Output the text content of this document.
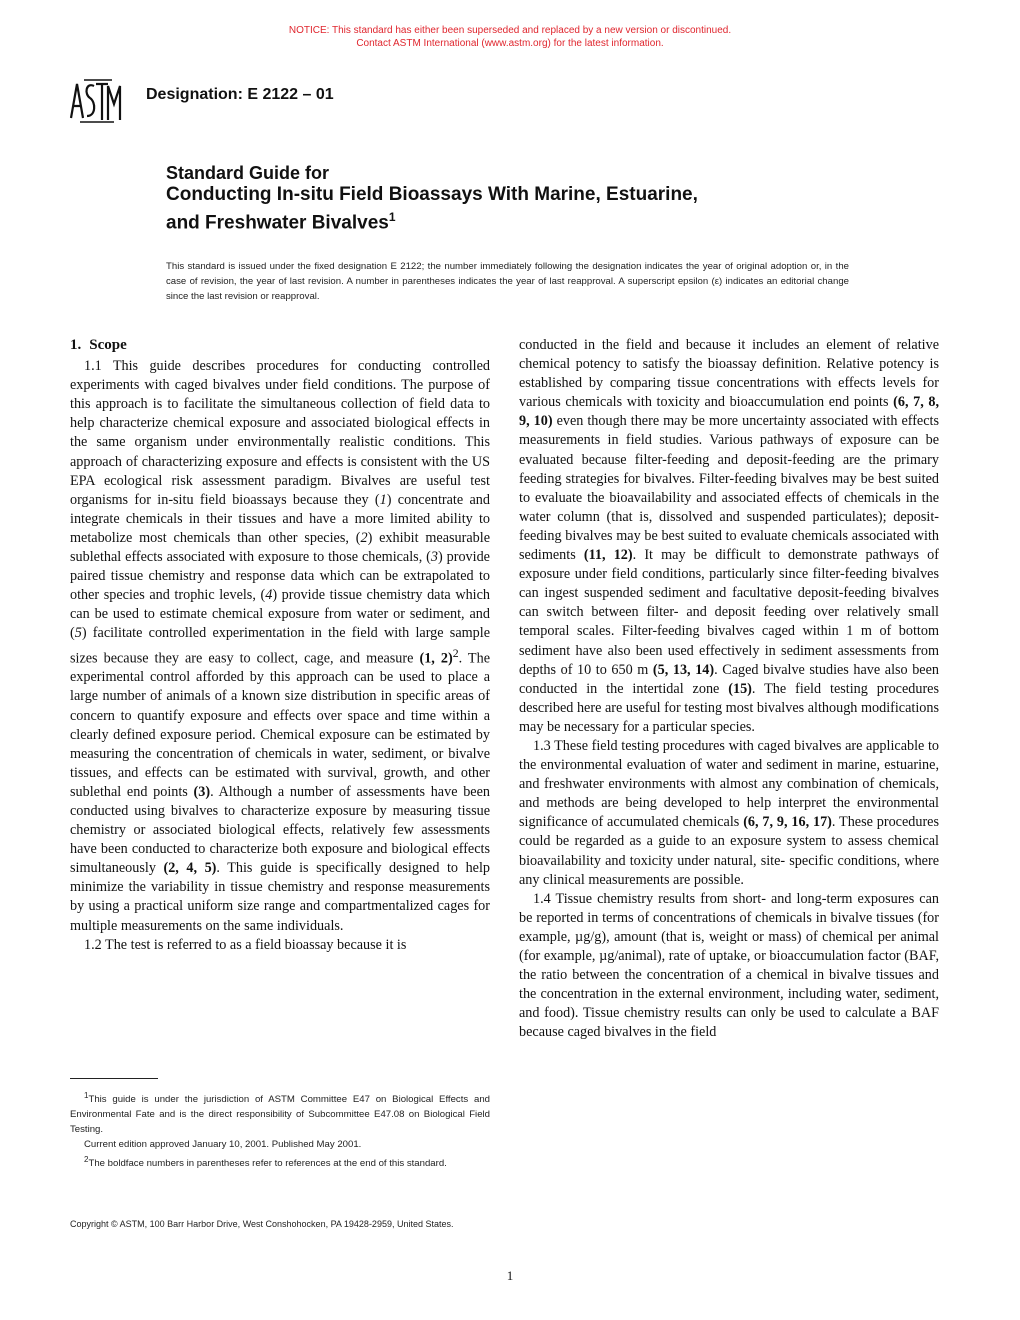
NOTICE: This standard has either been superseded and replaced by a new version or discontinued.
Contact ASTM International (www.astm.org) for the latest information.
Designation: E 2122 – 01
Standard Guide for
Conducting In-situ Field Bioassays With Marine, Estuarine,
and Freshwater Bivalves$^1$
This standard is issued under the fixed designation E 2122; the number immediately following the designation indicates the year of original adoption or, in the case of revision, the year of last revision. A number in parentheses indicates the year of last reapproval. A superscript epsilon (ε) indicates an editorial change since the last revision or reapproval.
1. Scope

1.1 This guide describes procedures for conducting controlled experiments with caged bivalves under field conditions. The purpose of this approach is to facilitate the simultaneous collection of field data to help characterize chemical exposure and associated biological effects in the same organism under environmentally realistic conditions. This approach of characterizing exposure and effects is consistent with the US EPA ecological risk assessment paradigm. Bivalves are useful test organisms for in-situ field bioassays because they (1) concentrate and integrate chemicals in their tissues and have a more limited ability to metabolize most chemicals than other species, (2) exhibit measurable sublethal effects associated with exposure to those chemicals, (3) provide paired tissue chemistry and response data which can be extrapolated to other species and trophic levels, (4) provide tissue chemistry data which can be used to estimate chemical exposure from water or sediment, and (5) facilitate controlled experimentation in the field with large sample sizes because they are easy to collect, cage, and measure (1, 2)$^2$. The experimental control afforded by this approach can be used to place a large number of animals of a known size distribution in specific areas of concern to quantify exposure and effects over space and time within a clearly defined exposure period. Chemical exposure can be estimated by measuring the concentration of chemicals in water, sediment, or bivalve tissues, and effects can be estimated with survival, growth, and other sublethal end points (3). Although a number of assessments have been conducted using bivalves to characterize exposure by measuring tissue chemistry or associated biological effects, relatively few assessments have been conducted to characterize both exposure and biological effects simultaneously (2, 4, 5). This guide is specifically designed to help minimize the variability in tissue chemistry and response measurements by using a practical uniform size range and compartmentalized cages for multiple measurements on the same individuals.

1.2 The test is referred to as a field bioassay because it is

$^1$This guide is under the jurisdiction of ASTM Committee E47 on Biological Effects and Environmental Fate and is the direct responsibility of Subcommittee E47.08 on Biological Field Testing.

Current edition approved January 10, 2001. Published May 2001.

$^2$The boldface numbers in parentheses refer to references at the end of this standard.

conducted in the field and because it includes an element of relative chemical potency to satisfy the bioassay definition. Relative potency is established by comparing tissue concentrations with effects levels for various chemicals with toxicity and bioaccumulation end points (6, 7, 8, 9, 10) even though there may be more uncertainty associated with effects measurements in field studies. Various pathways of exposure can be evaluated because filter-feeding and deposit-feeding are the primary feeding strategies for bivalves. Filter-feeding bivalves may be best suited to evaluate the bioavailability and associated effects of chemicals in the water column (that is, dissolved and suspended particulates); deposit-feeding bivalves may be best suited to evaluate chemicals associated with sediments (11, 12). It may be difficult to demonstrate pathways of exposure under field conditions, particularly since filter-feeding bivalves can ingest suspended sediment and facultative deposit-feeding bivalves can switch between filter- and deposit feeding over relatively small temporal scales. Filter-feeding bivalves caged within 1 m of bottom sediment have also been used effectively in sediment assessments from depths of 10 to 650 m (5, 13, 14). Caged bivalve studies have also been conducted in the intertidal zone (15). The field testing procedures described here are useful for testing most bivalves although modifications may be necessary for a particular species.

1.3 These field testing procedures with caged bivalves are applicable to the environmental evaluation of water and sediment in marine, estuarine, and freshwater environments with almost any combination of chemicals, and methods are being developed to help interpret the environmental significance of accumulated chemicals (6, 7, 9, 16, 17). These procedures could be regarded as a guide to an exposure system to assess chemical bioavailability and toxicity under natural, site- specific conditions, where any clinical measurements are possible.

1.4 Tissue chemistry results from short- and long-term exposures can be reported in terms of concentrations of chemicals in bivalve tissues (for example, µg/g), amount (that is, weight or mass) of chemical per animal (for example, µg/animal), rate of uptake, or bioaccumulation factor (BAF, the ratio between the concentration of a chemical in bivalve tissues and the concentration in the external environment, including water, sediment, and food). Tissue chemistry results can only be used to calculate a BAF because caged bivalves in the field

Copyright © ASTM, 100 Barr Harbor Drive, West Conshohocken, PA 19428-2959, United States.
1
